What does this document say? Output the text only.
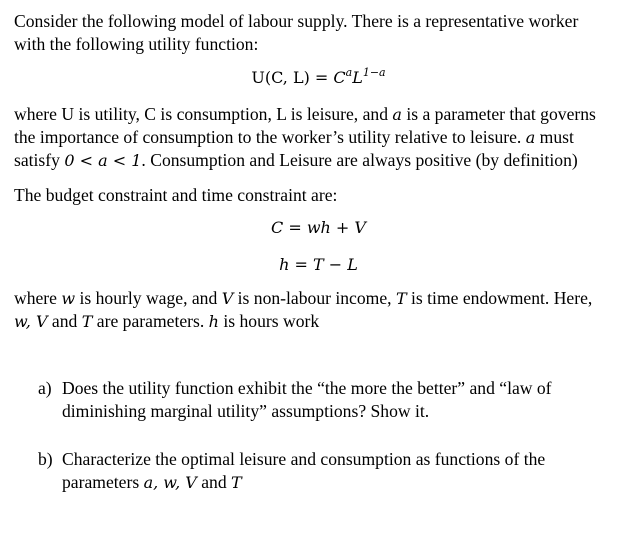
Consider the following model of labour supply. There is a representative worker
with the following utility function:

U(C, $L) = C^aL^{1-a}$

where U is utility, C is consumption, L is leisure, and a is a parameter that governs
the importance of consumption to the worker’s utility relative to leisure. a must
satisfy 0 < a < 1. Consumption and Leisure are always positive (by definition)

The budget constraint and time constraint are:

C = wh + V
h = T − L

where w is hourly wage, and V is non-labour income, T is time endowment. Here,
w, V and T are parameters. h is hours work

a) Does the utility function exhibit the “the more the better” and “law of
diminishing marginal utility” assumptions? Show it.
b) Characterize the optimal leisure and consumption as functions of the
parameters a, w, V and T
